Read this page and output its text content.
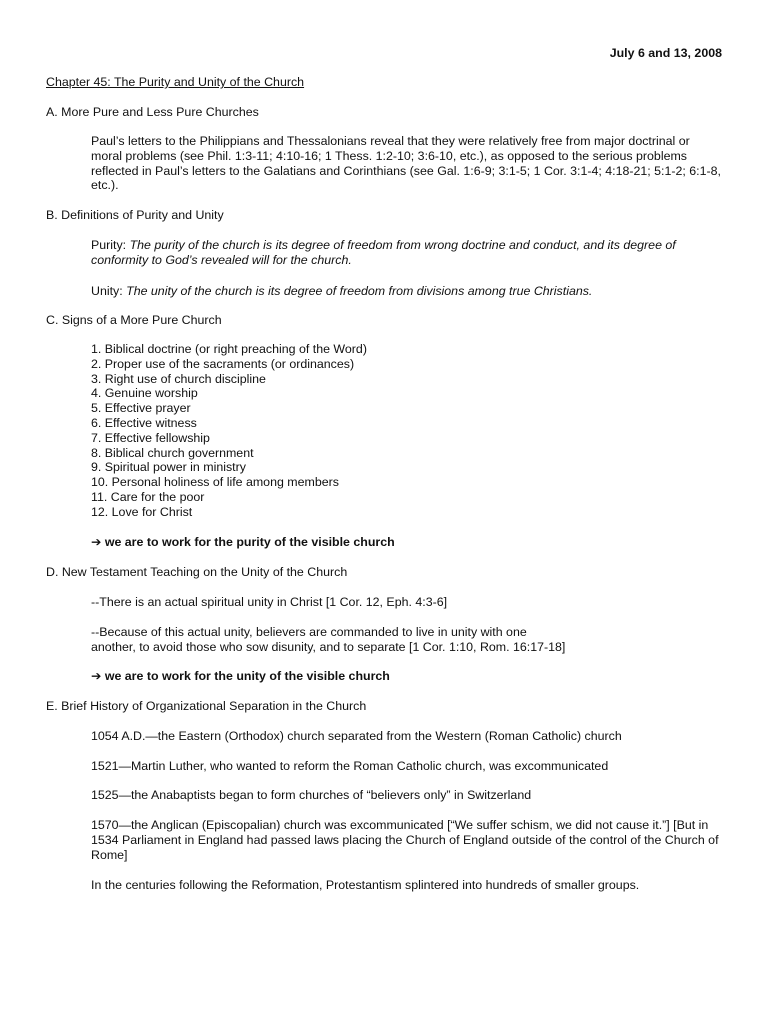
July 6 and 13, 2008
Chapter 45: The Purity and Unity of the Church
A. More Pure and Less Pure Churches
Paul’s letters to the Philippians and Thessalonians reveal that they were relatively free from major doctrinal or moral problems (see Phil. 1:3-11; 4:10-16; 1 Thess. 1:2-10; 3:6-10, etc.), as opposed to the serious problems reflected in Paul’s letters to the Galatians and Corinthians (see Gal. 1:6-9; 3:1-5; 1 Cor. 3:1-4; 4:18-21; 5:1-2; 6:1-8, etc.).
B. Definitions of Purity and Unity
Purity: The purity of the church is its degree of freedom from wrong doctrine and conduct, and its degree of conformity to God’s revealed will for the church.
Unity: The unity of the church is its degree of freedom from divisions among true Christians.
C. Signs of a More Pure Church
1. Biblical doctrine (or right preaching of the Word)
2. Proper use of the sacraments (or ordinances)
3. Right use of church discipline
4. Genuine worship
5. Effective prayer
6. Effective witness
7. Effective fellowship
8. Biblical church government
9. Spiritual power in ministry
10. Personal holiness of life among members
11. Care for the poor
12. Love for Christ
➔ we are to work for the purity of the visible church
D. New Testament Teaching on the Unity of the Church
--There is an actual spiritual unity in Christ [1 Cor. 12, Eph. 4:3-6]
--Because of this actual unity, believers are commanded to live in unity with one
another, to avoid those who sow disunity, and to separate [1 Cor. 1:10, Rom. 16:17-18]
➔ we are to work for the unity of the visible church
E. Brief History of Organizational Separation in the Church
1054 A.D.—the Eastern (Orthodox) church separated from the Western (Roman Catholic) church
1521—Martin Luther, who wanted to reform the Roman Catholic church, was excommunicated
1525—the Anabaptists began to form churches of “believers only” in Switzerland
1570—the Anglican (Episcopalian) church was excommunicated [“We suffer schism, we did not cause it.”] [But in 1534 Parliament in England had passed laws placing the Church of England outside of the control of the Church of Rome]
In the centuries following the Reformation, Protestantism splintered into hundreds of smaller groups.
